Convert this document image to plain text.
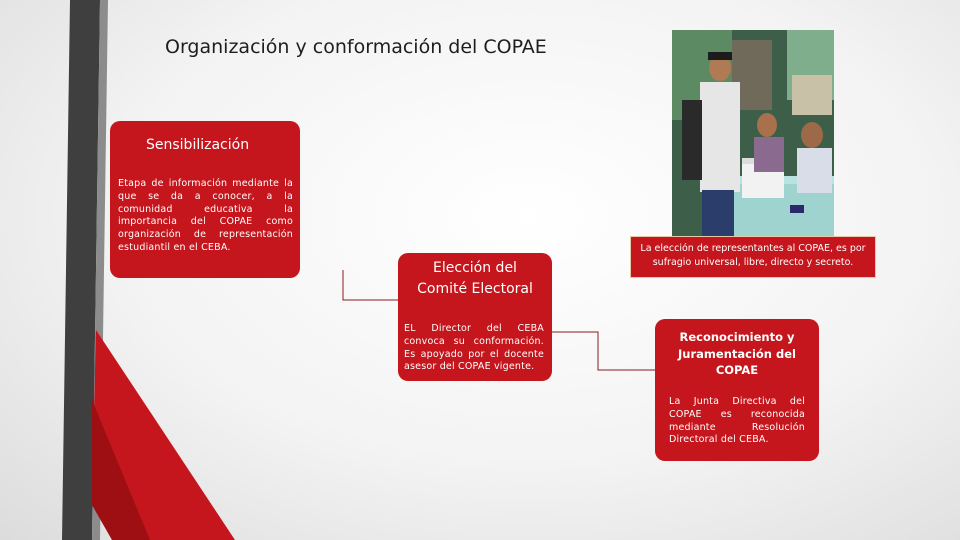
Organización y conformación del COPAE
Sensibilización
Etapa de información mediante la que se da a conocer, a la comunidad educativa la importancia del COPAE como organización de representación estudiantil en el CEBA.
Elección del Comité Electoral
EL Director del CEBA convoca su conformación. Es apoyado por el docente asesor del COPAE vigente.
Reconocimiento y Juramentación del COPAE
La Junta Directiva del COPAE es reconocida mediante Resolución Directoral del CEBA.
La elección de representantes al COPAE, es por sufragio universal, libre, directo y secreto.
